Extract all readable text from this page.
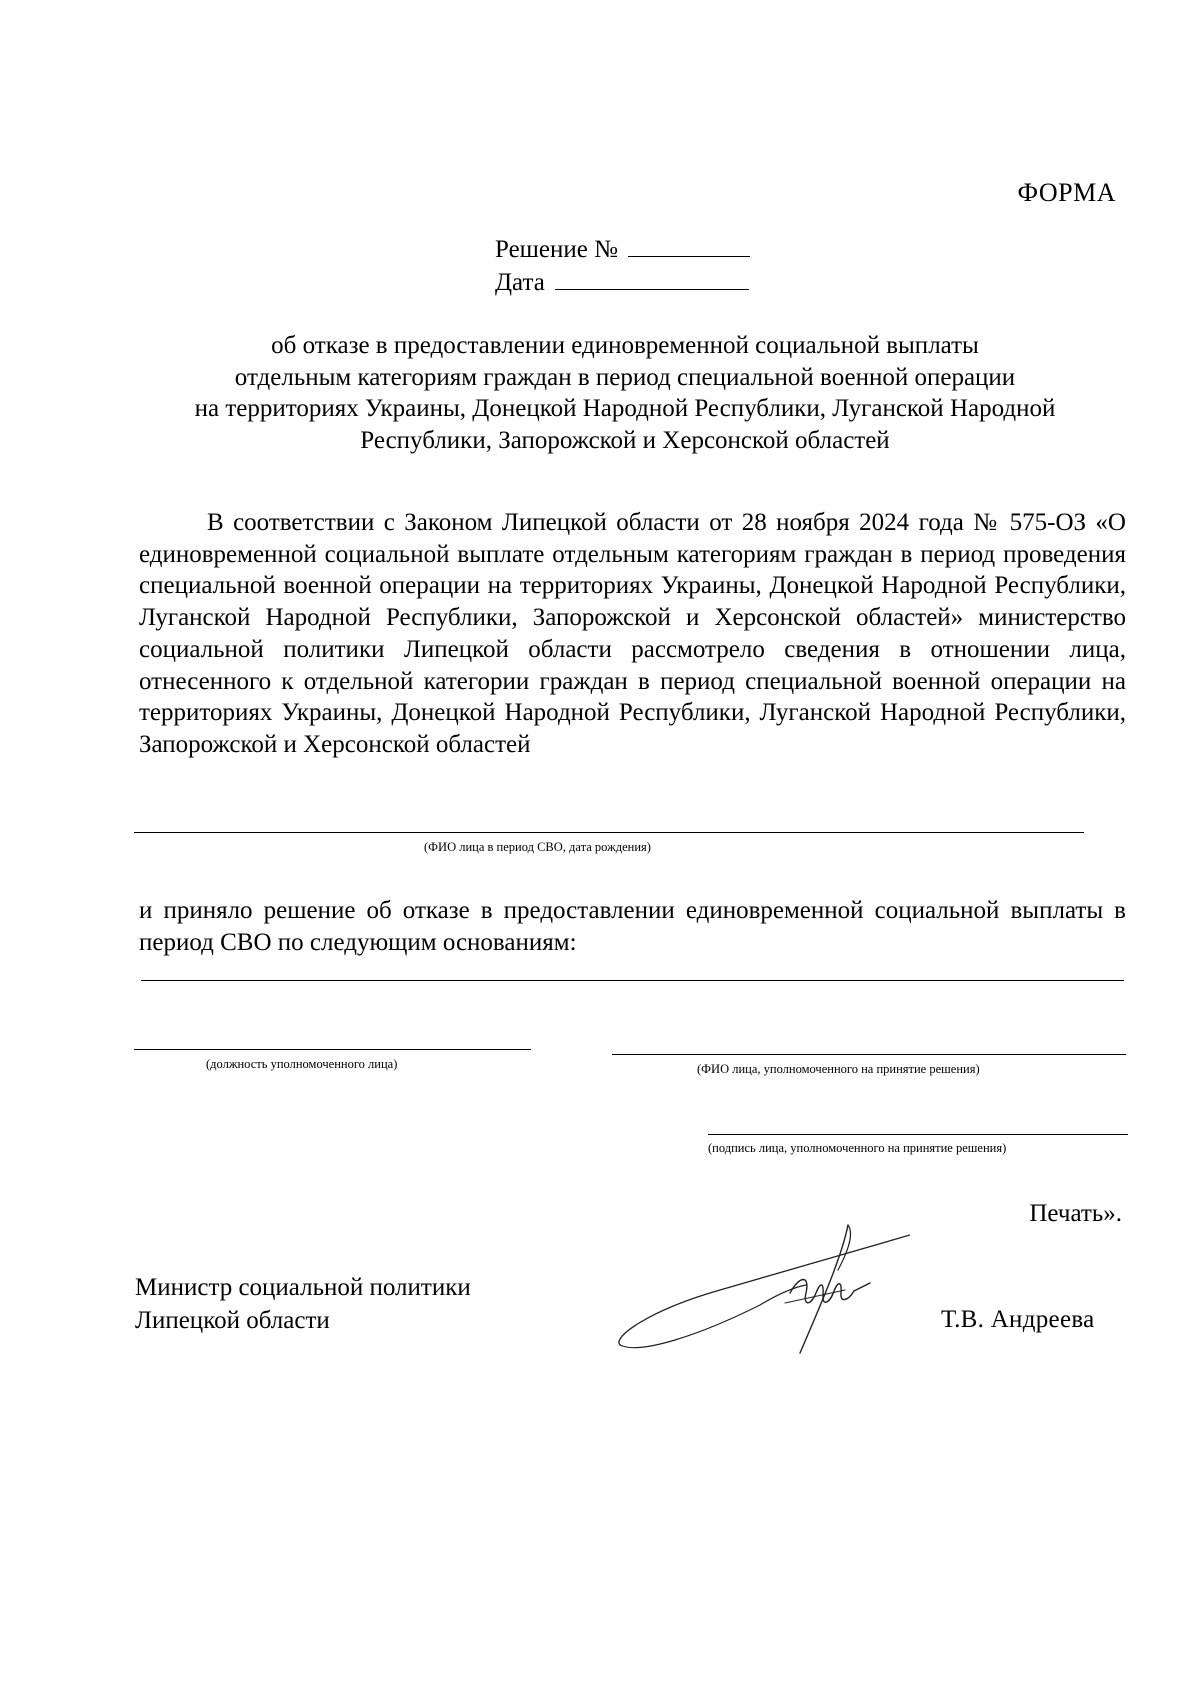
ФОРМА
Решение №
Дата
об отказе в предоставлении единовременной социальной выплаты
отдельным категориям граждан в период специальной военной операции
на территориях Украины, Донецкой Народной Республики, Луганской Народной
Республики, Запорожской и Херсонской областей

В соответствии с Законом Липецкой области от 28 ноября 2024 года № 575-ОЗ «О единовременной социальной выплате отдельным категориям граждан в период проведения специальной военной операции на территориях Украины, Донецкой Народной Республики, Луганской Народной Республики, Запорожской и Херсонской областей» министерство социальной политики Липецкой области рассмотрело сведения в отношении лица, отнесенного к отдельной категории граждан в период специальной военной операции на территориях Украины, Донецкой Народной Республики, Луганской Народной Республики, Запорожской и Херсонской областей

(ФИО лица в период СВО, дата рождения)

и приняло решение об отказе в предоставлении единовременной социальной выплаты в период СВО по следующим основаниям:

(должность уполномоченного лица)	(ФИО лица, уполномоченного на принятие решения)
(подпись лица, уполномоченного на принятие решения)
Печать».
Министр социальной политики
Липецкой области	Т.В. Андреева
